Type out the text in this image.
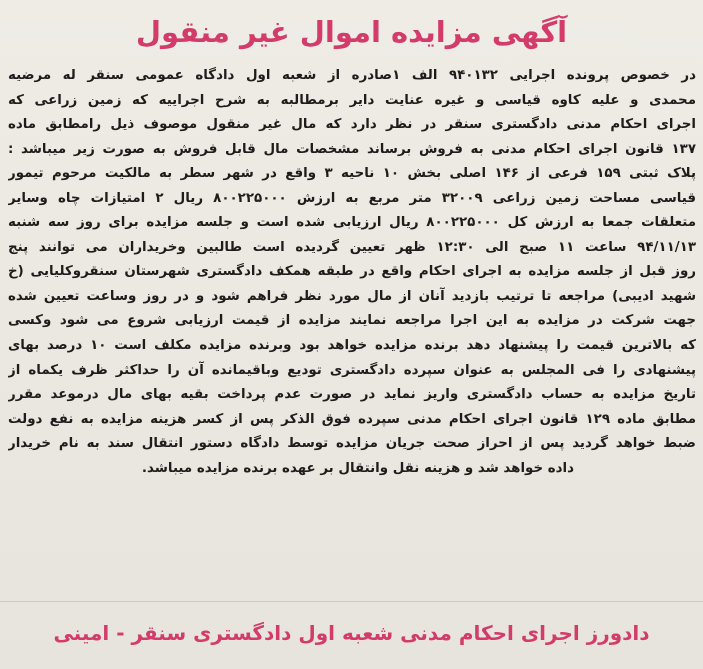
آگهی مزایده اموال غیر منقول
در خصوص پرونده اجرایی ۹۴۰۱۳۲ الف ۱صادره از شعبه اول دادگاه عمومی سنقر له مرضیه
محمدی و علیه کاوه قیاسی و غیره عنایت دایر برمطالبه به شرح اجراییه که زمین زراعی که
اجرای احکام مدنی دادگستری سنقر در نظر دارد که مال غیر منقول موصوف ذیل رامطابق ماده
۱۳۷ قانون اجرای احکام مدنی به فروش برساند مشخصات مال قابل فروش به صورت زیر میباشد :
پلاک ثبتی ۱۵۹ فرعی از ۱۴۶ اصلی بخش ۱۰ ناحیه ۳ واقع در شهر سطر به مالکیت مرحوم تیمور
قیاسی مساحت زمین زراعی ۳۲۰۰۹ متر مربع به ارزش ۸۰۰۲۲۵۰۰۰ ریال ۲ امتیازات چاه وسایر
متعلقات جمعا به ارزش کل ۸۰۰۲۲۵۰۰۰ ریال ارزیابی شده است و جلسه مزایده برای روز سه شنبه
۹۴/۱۱/۱۳ ساعت ۱۱ صبح الی ۱۲:۳۰ ظهر تعیین گردیده است طالبین وخریداران می توانند پنج
روز قبل از جلسه مزایده به اجرای احکام واقع در طبقه همکف دادگستری شهرستان سنقروکلیایی (خ
شهید ادیبی) مراجعه تا ترتیب بازدید آنان از مال مورد نظر فراهم شود و در روز وساعت تعیین شده
جهت شرکت در مزایده به این اجرا مراجعه نمایند مزایده از قیمت ارزیابی شروع می شود وکسی
که بالاترین قیمت را پیشنهاد دهد برنده مزایده خواهد بود وبرنده مزایده مکلف است ۱۰ درصد بهای
پیشنهادی را فی المجلس به عنوان سپرده دادگستری تودیع وباقیمانده آن را حداکثر ظرف یکماه از
تاریخ مزایده به حساب دادگستری واریز نماید در صورت عدم پرداخت بقیه بهای مال درموعد مقرر
مطابق ماده ۱۲۹ قانون اجرای احکام مدنی سپرده فوق الذکر پس از کسر هزینه مزایده به نفع دولت
ضبط خواهد گردید پس از احراز صحت جریان مزایده توسط دادگاه دستور انتقال سند به نام خریدار
داده خواهد شد و هزینه نقل وانتقال بر عهده برنده مزایده میباشد.
دادورز اجرای احکام مدنی شعبه اول دادگستری سنقر - امینی
